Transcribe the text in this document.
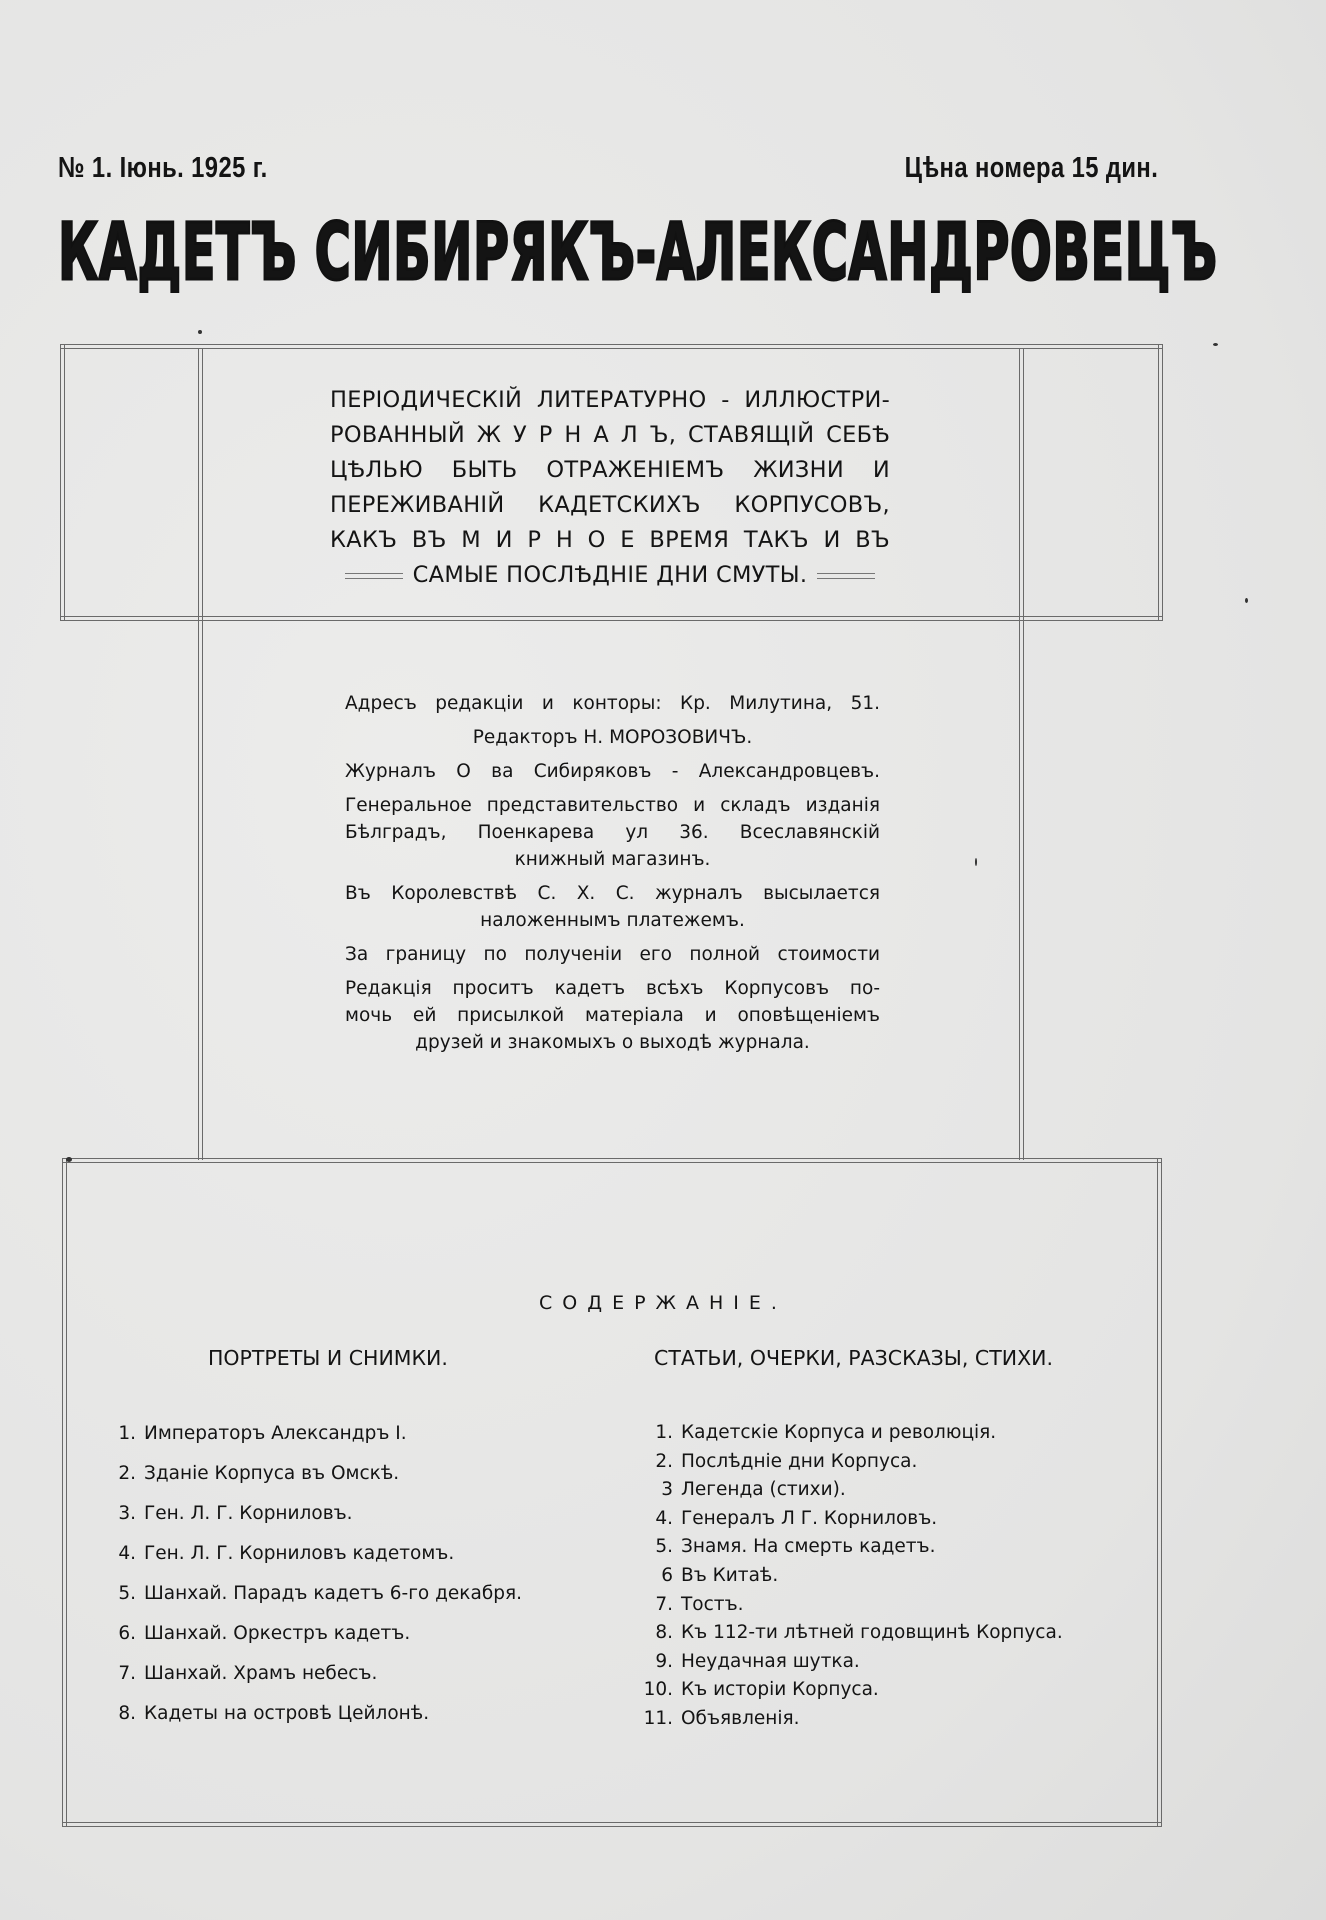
№ 1. Іюнь. 1925 г.	Цѣна номера 15 дин.
КАДЕТЪ СИБИРЯКЪ-АЛЕКСАНДРОВЕЦЪ
ПЕРІОДИЧЕСКІЙ ЛИТЕРАТУРНО - ИЛЛЮСТРИ-
РОВАННЫЙ Ж У Р Н А Л Ъ, СТАВЯЩІЙ СЕБѢ
ЦѢЛЬЮ БЫТЬ ОТРАЖЕНІЕМЪ ЖИЗНИ И
ПЕРЕЖИВАНІЙ КАДЕТСКИХЪ КОРПУСОВЪ,
КАКЪ ВЪ М И Р Н О Е ВРЕМЯ ТАКЪ И ВЪ
САМЫЕ ПОСЛѢДНІЕ ДНИ СМУТЫ.

Адресъ редакціи и конторы: Кр. Милутина, 51.

Редакторъ Н. МОРОЗОВИЧЪ.

Журналъ О ва Сибиряковъ - Александровцевъ.

Генеральное представительство и складъ изданія
Бѣлградъ, Поенкарева ул 36. Всеславянскій
книжный магазинъ.

Въ Королевствѣ С. Х. С. журналъ высылается
наложеннымъ платежемъ.

За границу по полученіи его полной стоимости

Редакція проситъ кадетъ всѣхъ Корпусовъ по-
мочь ей присылкой матеріала и оповѣщеніемъ
друзей и знакомыхъ о выходѣ журнала.

СОДЕРЖАНІЕ.
ПОРТРЕТЫ И СНИМКИ.	СТАТЬИ, ОЧЕРКИ, РАЗСКАЗЫ, СТИХИ.
1. Императоръ Александръ I.
2. Зданіе Корпуса въ Омскѣ.
3. Ген. Л. Г. Корниловъ.
4. Ген. Л. Г. Корниловъ кадетомъ.
5. Шанхай. Парадъ кадетъ 6-го декабря.
6. Шанхай. Оркестръ кадетъ.
7. Шанхай. Храмъ небесъ.
8. Кадеты на островѣ Цейлонѣ.
1. Кадетскіе Корпуса и революція.
2. Послѣдніе дни Корпуса.
3 Легенда (стихи).
4. Генералъ Л Г. Корниловъ.
5. Знамя. На смерть кадетъ.
6 Въ Китаѣ.
7. Тостъ.
8. Къ 112-ти лѣтней годовщинѣ Корпуса.
9. Неудачная шутка.
10. Къ исторіи Корпуса.
11. Объявленія.
